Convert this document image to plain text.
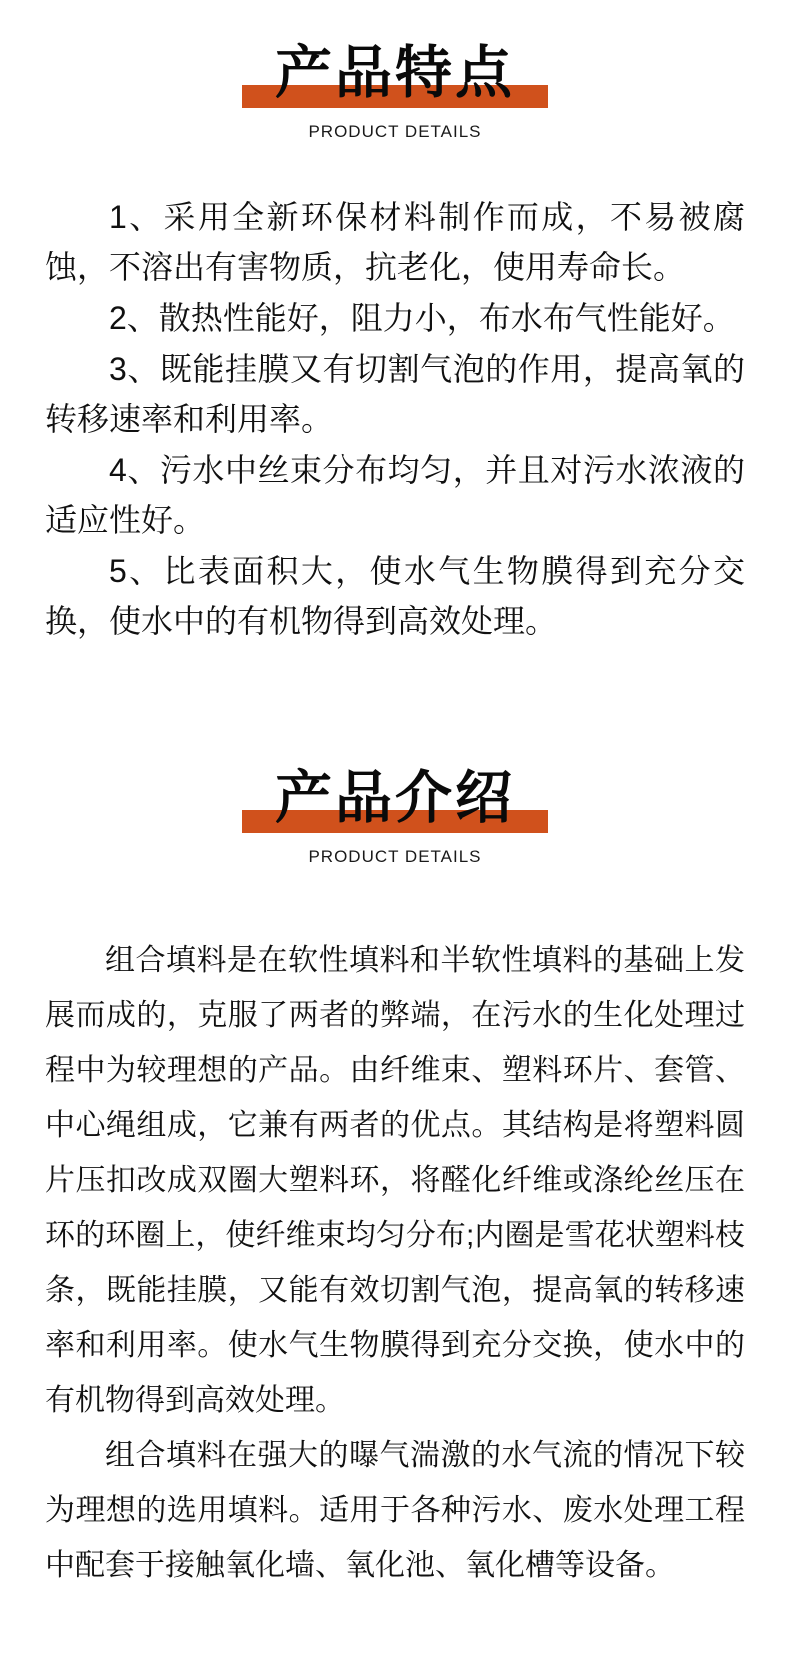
产品特点
PRODUCT DETAILS

1、采用全新环保材料制作而成，不易被腐蚀，不溶出有害物质，抗老化，使用寿命长。

2、散热性能好，阻力小，布水布气性能好。

3、既能挂膜又有切割气泡的作用，提高氧的转移速率和利用率。

4、污水中丝束分布均匀，并且对污水浓液的适应性好。

5、比表面积大，使水气生物膜得到充分交换，使水中的有机物得到高效处理。

产品介绍
PRODUCT DETAILS

组合填料是在软性填料和半软性填料的基础上发展而成的，克服了两者的弊端，在污水的生化处理过程中为较理想的产品。由纤维束、塑料环片、套管、中心绳组成，它兼有两者的优点。其结构是将塑料圆片压扣改成双圈大塑料环，将醛化纤维或涤纶丝压在环的环圈上，使纤维束均匀分布;内圈是雪花状塑料枝条，既能挂膜，又能有效切割气泡，提高氧的转移速率和利用率。使水气生物膜得到充分交换，使水中的有机物得到高效处理。

组合填料在强大的曝气湍激的水气流的情况下较为理想的选用填料。适用于各种污水、废水处理工程中配套于接触氧化墙、氧化池、氧化槽等设备。
